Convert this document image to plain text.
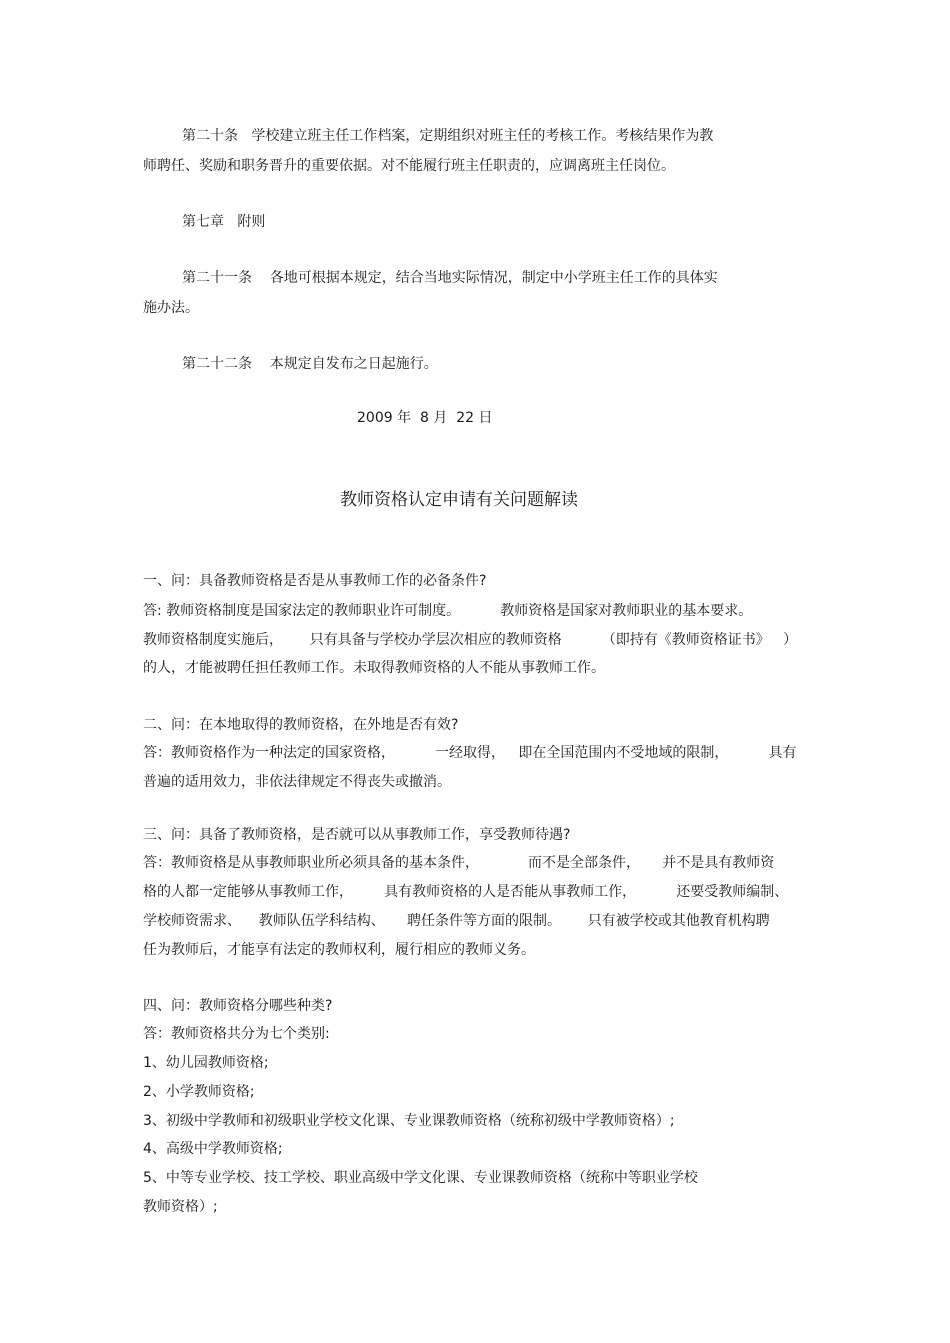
第二十条   学校建立班主任工作档案，定期组织对班主任的考核工作。考核结果作为教
师聘任、奖励和职务晋升的重要依据。对不能履行班主任职责的，应调离班主任岗位。
第七章   附则
第二十一条    各地可根据本规定，结合当地实际情况，制定中小学班主任工作的具体实
施办法。
第二十二条    本规定自发布之日起施行。
2009 年  8 月  22 日
教师资格认定申请有关问题解读
一、问：具备教师资格是否是从事教师工作的必备条件?
答: 教师资格制度是国家法定的教师职业许可制度。         教师资格是国家对教师职业的基本要求。
教师资格制度实施后，      只有具备与学校办学层次相应的教师资格         （即持有《教师资格证书》   ）
的人，才能被聘任担任教师工作。未取得教师资格的人不能从事教师工作。
二、问：在本地取得的教师资格，在外地是否有效?
答：教师资格作为一种法定的国家资格，         一经取得，   即在全国范围内不受地域的限制，         具有
普遍的适用效力，非依法律规定不得丧失或撤消。
三、问：具备了教师资格，是否就可以从事教师工作，享受教师待遇?
答：教师资格是从事教师职业所必须具备的基本条件，           而不是全部条件，     并不是具有教师资
格的人都一定能够从事教师工作，       具有教师资格的人是否能从事教师工作，         还要受教师编制、
学校师资需求、    教师队伍学科结构、     聘任条件等方面的限制。      只有被学校或其他教育机构聘
任为教师后，才能享有法定的教师权利，履行相应的教师义务。
四、问：教师资格分哪些种类?
答：教师资格共分为七个类别:
1、幼儿园教师资格;
2、小学教师资格;
3、初级中学教师和初级职业学校文化课、专业课教师资格（统称初级中学教师资格）;
4、高级中学教师资格;
5、中等专业学校、技工学校、职业高级中学文化课、专业课教师资格（统称中等职业学校
教师资格）;
